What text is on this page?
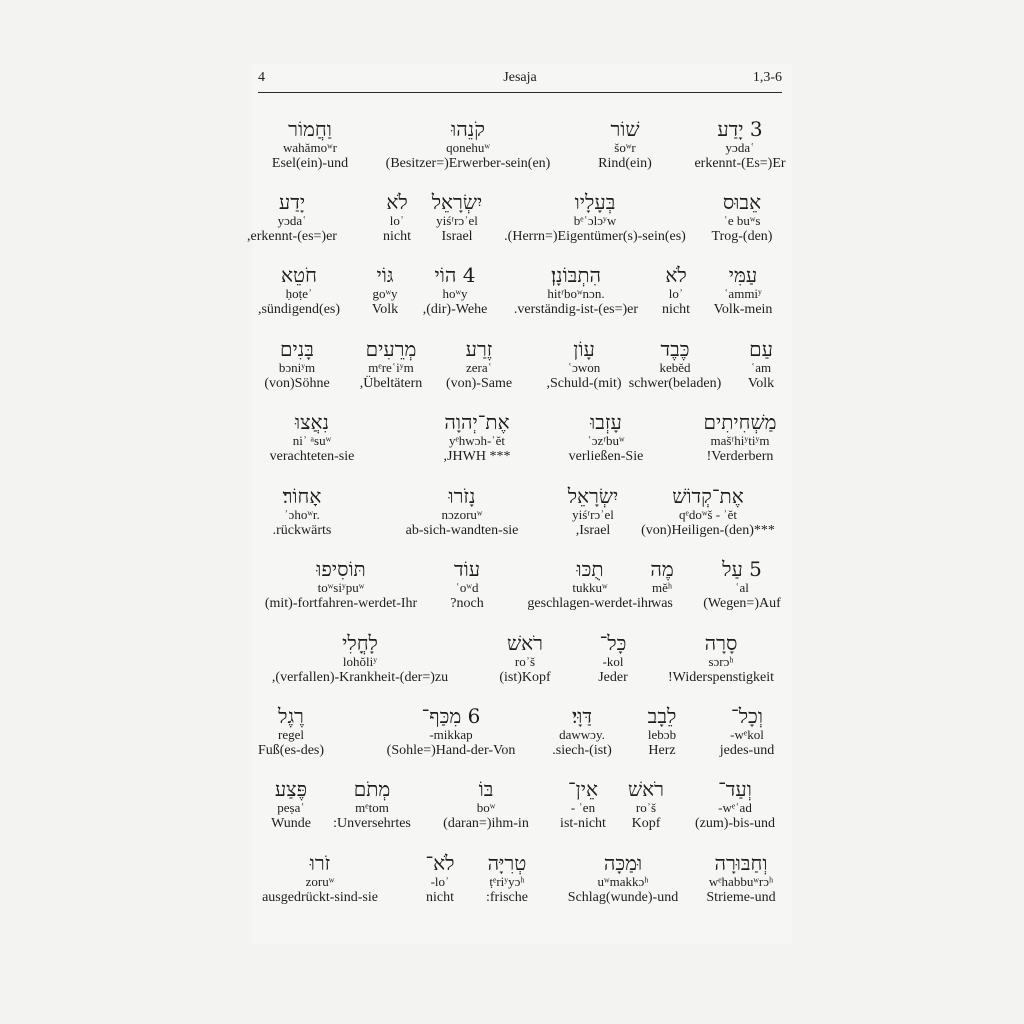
4	Jesaja	1,3-6
וַחֲמוֹר
wahămoʷr
Esel(ein)-und
קֹנֵהוּ
qonehuʷ
(Besitzer=)Erwerber-sein(en)
שׁוֹר
šoʷr
Rind(ein)
3 יָדַע
yɔdaʿ
erkennt-(Es=)Er
יָדַע
yɔdaʿ
,erkennt-(es=)er
לֹא
loʾ
nicht
יִשְׂרָאֵל
yiśʳrɔʾel
Israel
בְּעָלָיו
bᵉʿɔlɔʸw
.(Herrn=)Eigentümer(s)-sein(es)
אֵבוּס
ʾe buʷs
Trog-(den)
חֹטֵא
ḥoṭeʾ
,sündigend(es)
גּוֹי
goʷy
Volk
4 הוֹי
hoʷy
,(dir)-Wehe
הִתְבּוֹנָן׃
hitʳboʷnɔn.
.verständig-ist-(es=)er
לֹא
loʾ
nicht
עַמִּי
ʿammiʸ
Volk-mein
בָּנִים
bɔniʸm
(von)Söhne
מְרֵעִים
mᵉreʿiʸm
,Übeltätern
זֶרַע
zeraʿ
(von)-Same
עָוֹן
ʿɔwon
,Schuld-(mit)
כֶּבֶד
kebĕd
schwer(beladen)
עַם
ʿam
Volk
נִאֲצוּ
niʾ ᵃsuʷ
verachteten-sie
אֶת־יְהוָה
yᵉhwɔh-ʾĕt
,JHWH ***
עָזְבוּ
ʿɔzʳbuʷ
verließen-Sie
מַשְׁחִיתִים
mašʳhiʸtiʸm
!Verderbern
אָחוֹר׃
ʾɔhoʷr.
.rückwärts
נָזֹרוּ
nɔzoruʷ
ab-sich-wandten-sie
יִשְׂרָאֵל
yiśʳrɔʾel
,Israel
אֶת־קְדוֹשׁ
qᵉdoʷš - ʾĕt
(von)Heiligen-(den)***
תּוֹסִיפוּ
toʷsiʸpuʷ
(mit)-fortfahren-werdet-Ihr
עוֹד
ʿoʷd
?noch
תֻכּוּ
tukkuʷ
geschlagen-werdet-ihr
מֶה
mĕʰ
was
5 עַל
ʿal
(Wegen=)Auf
לָחֳלִי
lohŏliʸ
,(verfallen)-Krankheit-(der=)zu
רֹאשׁ
roʾš
(ist)Kopf
כָּל־
-kol
Jeder
סָרָה
sɔrɔʰ
!Widerspenstigkeit
רֶגֶל
regel
Fuß(es-des)
6 מִכַּף־
-mikkap
(Sohle=)Hand-der-Von
דַּוָּי׃
dawwɔy.
.siech-(ist)
לֵבָב
lebɔb
Herz
וְכָל־
-wᵉkol
jedes-und
פֶּצַע
peṣaʿ
Wunde
מְתֹם
mᵉtom
:Unversehrtes
בּוֹ
boʷ
(daran=)ihm-in
אֵין־
- ʾen
ist-nicht
רֹאשׁ
roʾš
Kopf
וְעַד־
-wᵉʿad
(zum)-bis-und
זֹרוּ
zoruʷ
ausgedrückt-sind-sie
לֹא־
-loʾ
nicht
טְרִיָּה
ṭᵉriʸyɔʰ
:frische
וּמַכָּה
uʷmakkɔʰ
Schlag(wunde)-und
וְחַבּוּרָה
wᵉhabbuʷrɔʰ
Strieme-und
